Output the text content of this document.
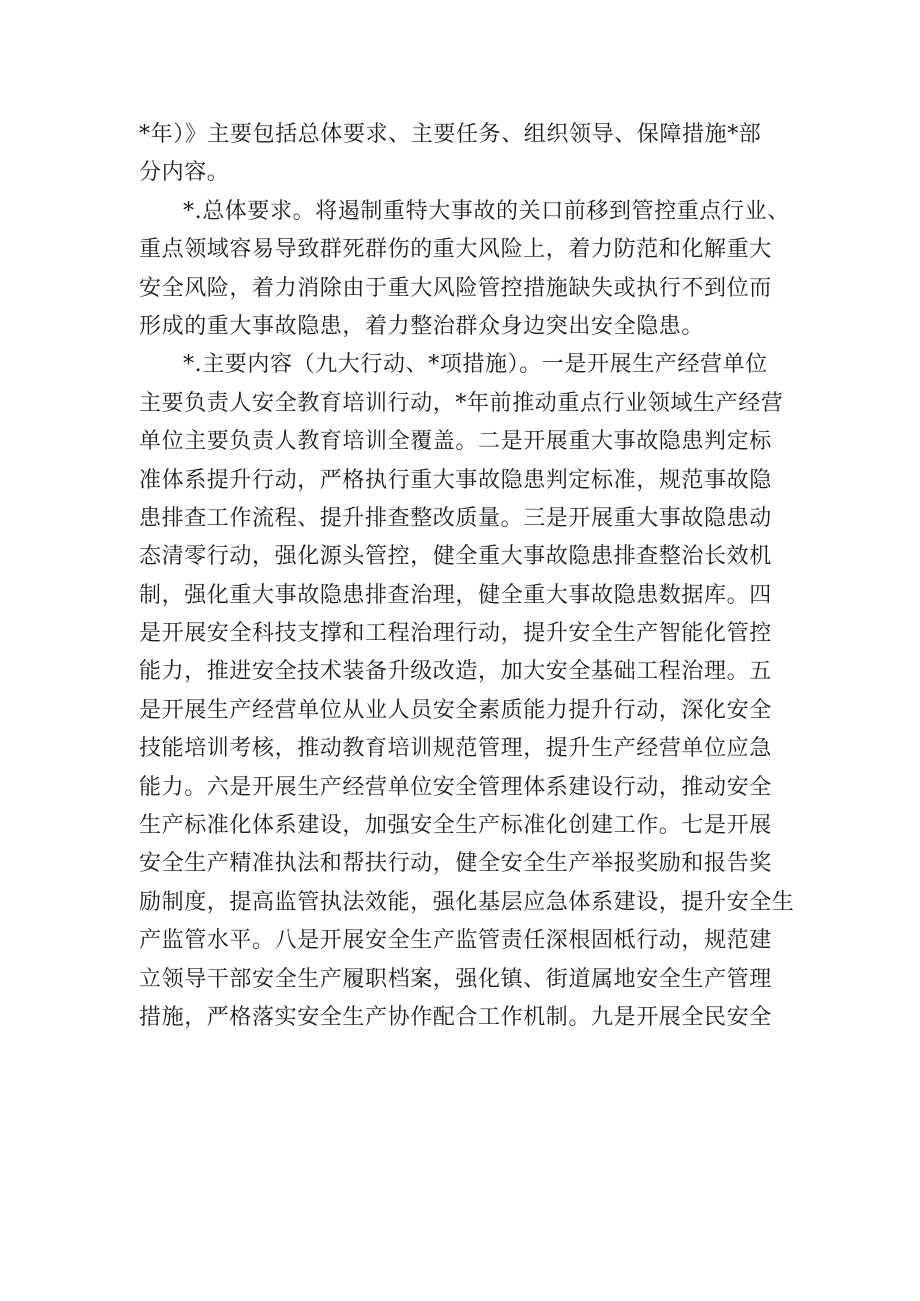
*年）》主要包括总体要求、主要任务、组织领导、保障措施*部
分内容。
*.总体要求。将遏制重特大事故的关口前移到管控重点行业、
重点领域容易导致群死群伤的重大风险上，着力防范和化解重大
安全风险，着力消除由于重大风险管控措施缺失或执行不到位而
形成的重大事故隐患，着力整治群众身边突出安全隐患。
*.主要内容（九大行动、*项措施）。一是开展生产经营单位
主要负责人安全教育培训行动，*年前推动重点行业领域生产经营
单位主要负责人教育培训全覆盖。二是开展重大事故隐患判定标
准体系提升行动，严格执行重大事故隐患判定标准，规范事故隐
患排查工作流程、提升排查整改质量。三是开展重大事故隐患动
态清零行动，强化源头管控，健全重大事故隐患排查整治长效机
制，强化重大事故隐患排查治理，健全重大事故隐患数据库。四
是开展安全科技支撑和工程治理行动，提升安全生产智能化管控
能力，推进安全技术装备升级改造，加大安全基础工程治理。五
是开展生产经营单位从业人员安全素质能力提升行动，深化安全
技能培训考核，推动教育培训规范管理，提升生产经营单位应急
能力。六是开展生产经营单位安全管理体系建设行动，推动安全
生产标准化体系建设，加强安全生产标准化创建工作。七是开展
安全生产精准执法和帮扶行动，健全安全生产举报奖励和报告奖
励制度，提高监管执法效能，强化基层应急体系建设，提升安全生
产监管水平。八是开展安全生产监管责任深根固柢行动，规范建
立领导干部安全生产履职档案，强化镇、街道属地安全生产管理
措施，严格落实安全生产协作配合工作机制。九是开展全民安全
